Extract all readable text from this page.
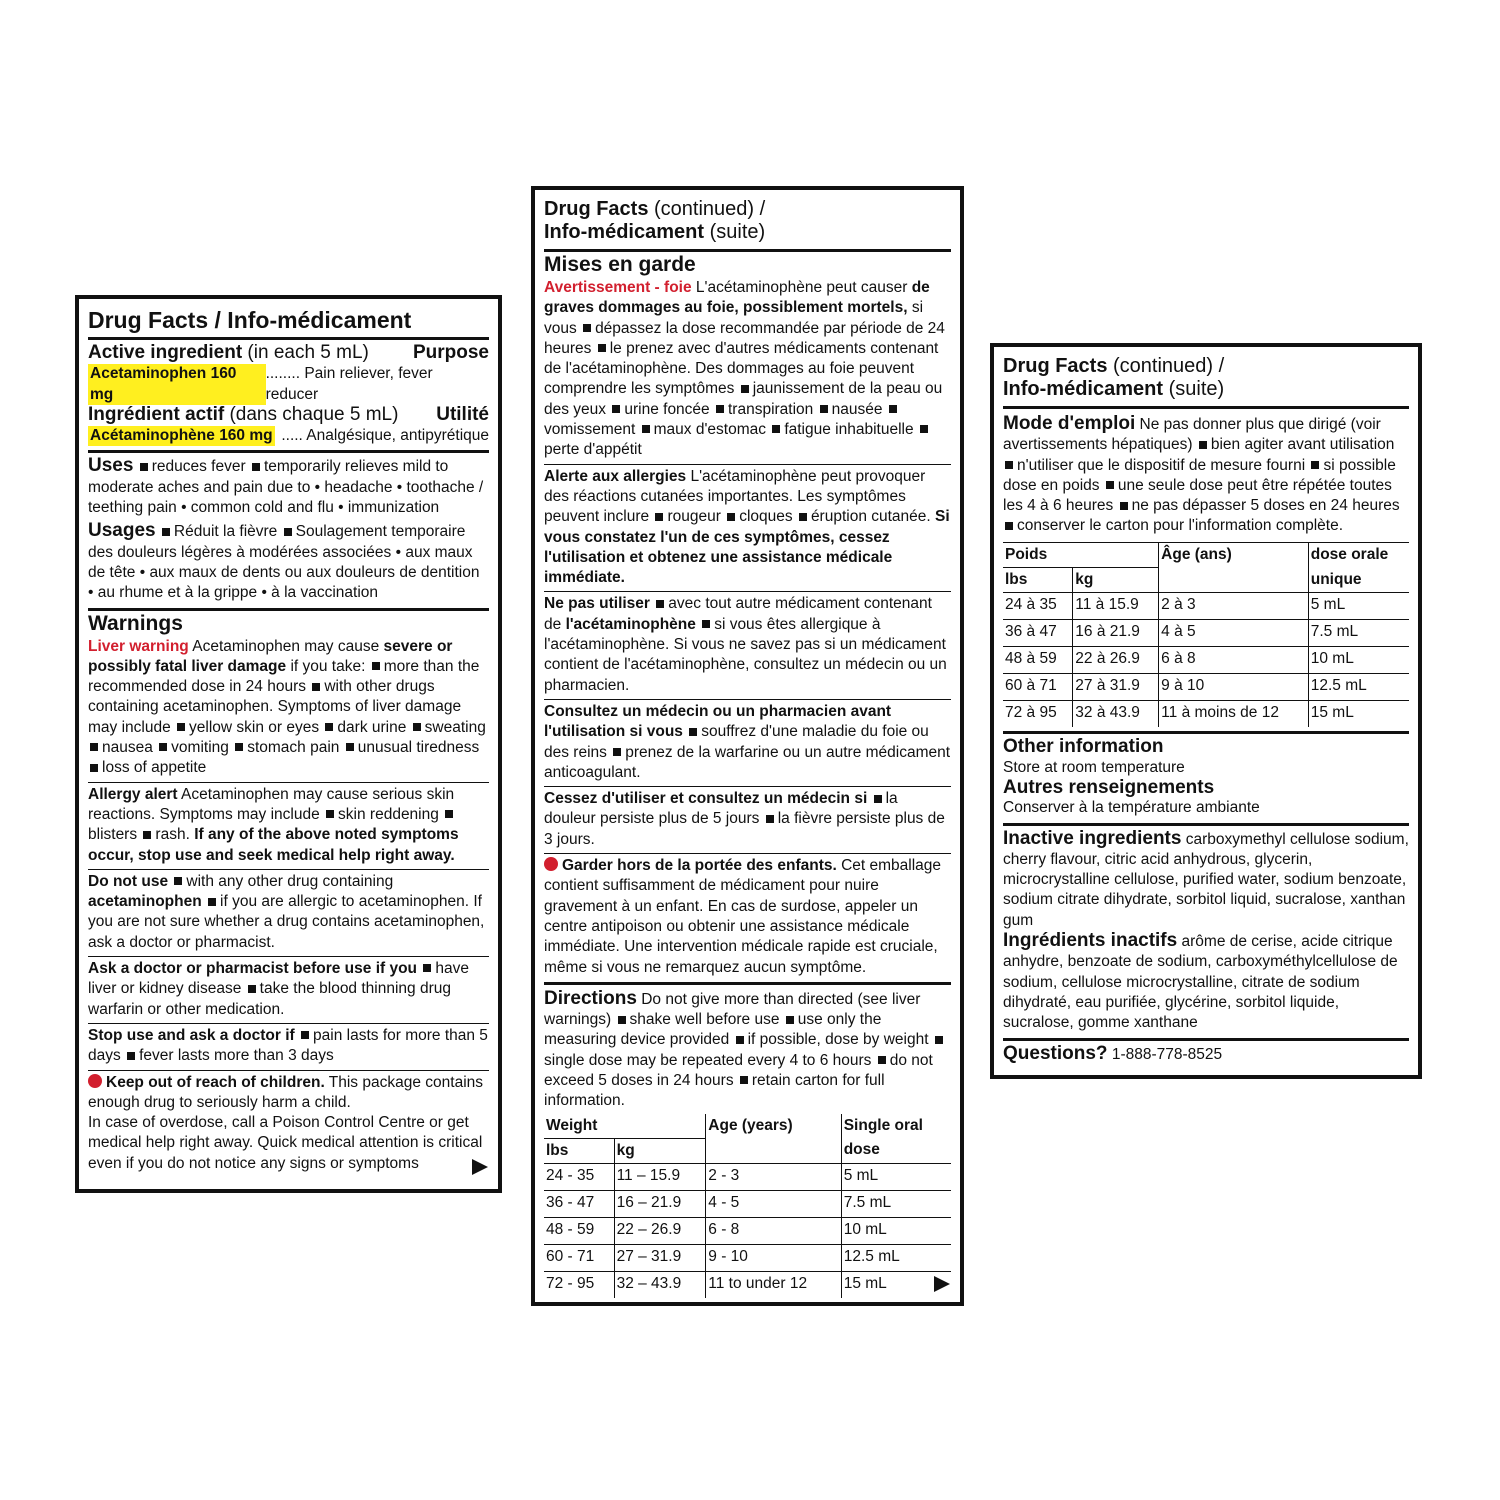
Drug Facts / Info-médicament
Active ingredient (in each 5 mL) Purpose
Acetaminophen 160 mg
........ Pain reliever, fever reducer
Ingrédient actif (dans chaque 5 mL) Utilité
Acétaminophène 160 mg ..... Analgésique, antipyrétique
Uses reduces fever temporarily relieves mild to moderate aches and pain due to • headache • toothache / teething pain • common cold and flu • immunization
Usages Réduit la fièvre Soulagement temporaire des douleurs légères à modérées associées • aux maux de tête • aux maux de dents ou aux douleurs de dentition • au rhume et à la grippe • à la vaccination
Warnings
Liver warning Acetaminophen may cause severe or possibly fatal liver damage if you take: more than the recommended dose in 24 hours with other drugs containing acetaminophen. Symptoms of liver damage may include yellow skin or eyes dark urine sweating nausea vomiting stomach pain unusual tiredness loss of appetite
Allergy alert Acetaminophen may cause serious skin reactions. Symptoms may include skin reddening blisters rash. If any of the above noted symptoms occur, stop use and seek medical help right away.
Do not use with any other drug containing acetaminophen if you are allergic to acetaminophen. If you are not sure whether a drug contains acetaminophen, ask a doctor or pharmacist.
Ask a doctor or pharmacist before use if you have liver or kidney disease take the blood thinning drug warfarin or other medication.
Stop use and ask a doctor if pain lasts for more than 5 days fever lasts more than 3 days
Keep out of reach of children. This package contains enough drug to seriously harm a child.
In case of overdose, call a Poison Control Centre or get medical help right away. Quick medical attention is critical even if you do not notice any signs or symptoms
Drug Facts (continued) /
Info-médicament (suite)
Mises en garde
Avertissement - foie L'acétaminophène peut causer de graves dommages au foie, possiblement mortels, si vous dépassez la dose recommandée par période de 24 heures le prenez avec d'autres médicaments contenant de l'acétaminophène. Des dommages au foie peuvent comprendre les symptômes jaunissement de la peau ou des yeux urine foncée transpiration nausée vomissement maux d'estomac fatigue inhabituelle perte d'appétit
Alerte aux allergies L'acétaminophène peut provoquer des réactions cutanées importantes. Les symptômes peuvent inclure rougeur cloques éruption cutanée. Si vous constatez l'un de ces symptômes, cessez l'utilisation et obtenez une assistance médicale immédiate.
Ne pas utiliser avec tout autre médicament contenant de l'acétaminophène si vous êtes allergique à l'acétaminophène. Si vous ne savez pas si un médicament contient de l'acétaminophène, consultez un médecin ou un pharmacien.
Consultez un médecin ou un pharmacien avant l'utilisation si vous souffrez d'une maladie du foie ou des reins prenez de la warfarine ou un autre médicament anticoagulant.
Cessez d'utiliser et consultez un médecin si la douleur persiste plus de 5 jours la fièvre persiste plus de 3 jours.
Garder hors de la portée des enfants. Cet emballage contient suffisamment de médicament pour nuire gravement à un enfant. En cas de surdose, appeler un centre antipoison ou obtenir une assistance médicale immédiate. Une intervention médicale rapide est cruciale, même si vous ne remarquez aucun symptôme.
Directions Do not give more than directed (see liver warnings) shake well before use use only the measuring device provided if possible, dose by weight single dose may be repeated every 4 to 6 hours do not exceed 5 doses in 24 hours retain carton for full information.
Weight		Age (years)	Single oral
lbs	kg		dose
24 - 35	11 – 15.9	2 - 3	5 mL
36 - 47	16 – 21.9	4 - 5	7.5 mL
48 - 59	22 – 26.9	6 - 8	10 mL
60 - 71	27 – 31.9	9 - 10	12.5 mL
72 - 95	32 – 43.9	11 to under 12	15 mL
Drug Facts (continued) /
Info-médicament (suite)
Mode d'emploi Ne pas donner plus que dirigé (voir avertissements hépatiques) bien agiter avant utilisation n'utiliser que le dispositif de mesure fourni si possible dose en poids une seule dose peut être répétée toutes les 4 à 6 heures ne pas dépasser 5 doses en 24 heures conserver le carton pour l'information complète.
Poids		Âge (ans)	dose orale
lbs	kg		unique
24 à 35	11 à 15.9	2 à 3	5 mL
36 à 47	16 à 21.9	4 à 5	7.5 mL
48 à 59	22 à 26.9	6 à 8	10 mL
60 à 71	27 à 31.9	9 à 10	12.5 mL
72 à 95	32 à 43.9	11 à moins de 12	15 mL
Other information
Store at room temperature
Autres renseignements
Conserver à la température ambiante
Inactive ingredients carboxymethyl cellulose sodium, cherry flavour, citric acid anhydrous, glycerin, microcrystalline cellulose, purified water, sodium benzoate, sodium citrate dihydrate, sorbitol liquid, sucralose, xanthan gum
Ingrédients inactifs arôme de cerise, acide citrique anhydre, benzoate de sodium, carboxyméthylcellulose de sodium, cellulose microcrystalline, citrate de sodium dihydraté, eau purifiée, glycérine, sorbitol liquide, sucralose, gomme xanthane
Questions? 1-888-778-8525
